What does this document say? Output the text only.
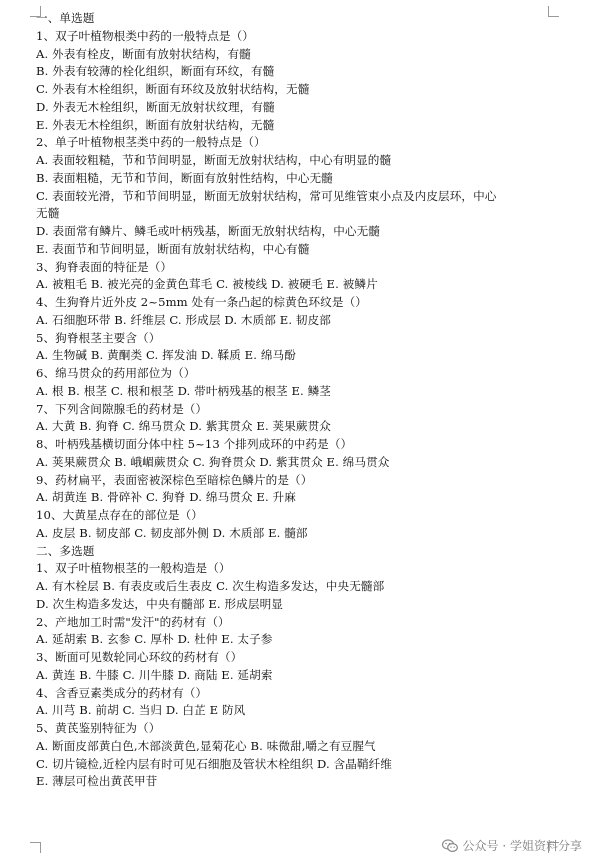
一、单选题
1、双子叶植物根类中药的一般特点是（）
A. 外表有栓皮，断面有放射状结构，有髓
B. 外表有较薄的栓化组织，断面有环纹，有髓
C. 外表有木栓组织，断面有环纹及放射状结构，无髓
D. 外表无木栓组织，断面无放射状纹理，有髓
E. 外表无木栓组织，断面有放射状结构，无髓
2、单子叶植物根茎类中药的一般特点是（）
A. 表面较粗糙，节和节间明显，断面无放射状结构，中心有明显的髓
B. 表面粗糙，无节和节间，断面有放射性结构，中心无髓
C. 表面较光滑，节和节间明显，断面无放射状结构，常可见维管束小点及内皮层环，中心
无髓
D. 表面常有鳞片、鳞毛或叶柄残基，断面无放射状结构，中心无髓
E. 表面节和节间明显，断面有放射状结构，中心有髓
3、狗脊表面的特征是（）
A. 被粗毛 B. 被光亮的金黄色茸毛 C. 被棱线 D. 被硬毛 E. 被鳞片
4、生狗脊片近外皮 2~5mm 处有一条凸起的棕黄色环纹是（）
A. 石细胞环带 B. 纤维层 C. 形成层 D. 木质部 E. 韧皮部
5、狗脊根茎主要含（）
A. 生物碱 B. 黄酮类 C. 挥发油 D. 鞣质 E. 绵马酚
6、绵马贯众的药用部位为（）
A. 根 B. 根茎 C. 根和根茎 D. 带叶柄残基的根茎 E. 鳞茎
7、下列含间隙腺毛的药材是（）
A. 大黄 B. 狗脊 C. 绵马贯众 D. 紫萁贯众 E. 荚果蕨贯众
8、叶柄残基横切面分体中柱 5~13 个排列成环的中药是（）
A. 荚果蕨贯众 B. 峨嵋蕨贯众 C. 狗脊贯众 D. 紫萁贯众 E. 绵马贯众
9、药材扁平，表面密被深棕色至暗棕色鳞片的是（）
A. 胡黄连 B. 骨碎补 C. 狗脊 D. 绵马贯众 E. 升麻
10、大黄星点存在的部位是（）
A. 皮层 B. 韧皮部 C. 韧皮部外侧 D. 木质部 E. 髓部
二、多选题
1、双子叶植物根茎的一般构造是（）
A. 有木栓层 B. 有表皮或后生表皮 C. 次生构造多发达，中央无髓部
D. 次生构造多发达，中央有髓部 E. 形成层明显
2、产地加工时需"发汗"的药材有（）
A. 延胡索 B. 玄参 C. 厚朴 D. 杜仲 E. 太子参
3、断面可见数轮同心环纹的药材有（）
A. 黄连 B. 牛膝 C. 川牛膝 D. 商陆 E. 延胡索
4、含香豆素类成分的药材有（）
A. 川芎 B. 前胡 C. 当归 D. 白芷 E 防风
5、黄芪鉴别特征为（）
A. 断面皮部黄白色,木部淡黄色,显菊花心 B. 味微甜,嚼之有豆腥气
C. 切片镜检,近栓内层有时可见石细胞及管状木栓组织 D. 含晶鞘纤维
E. 薄层可检出黄芪甲苷
公众号 · 学姐资料分享
